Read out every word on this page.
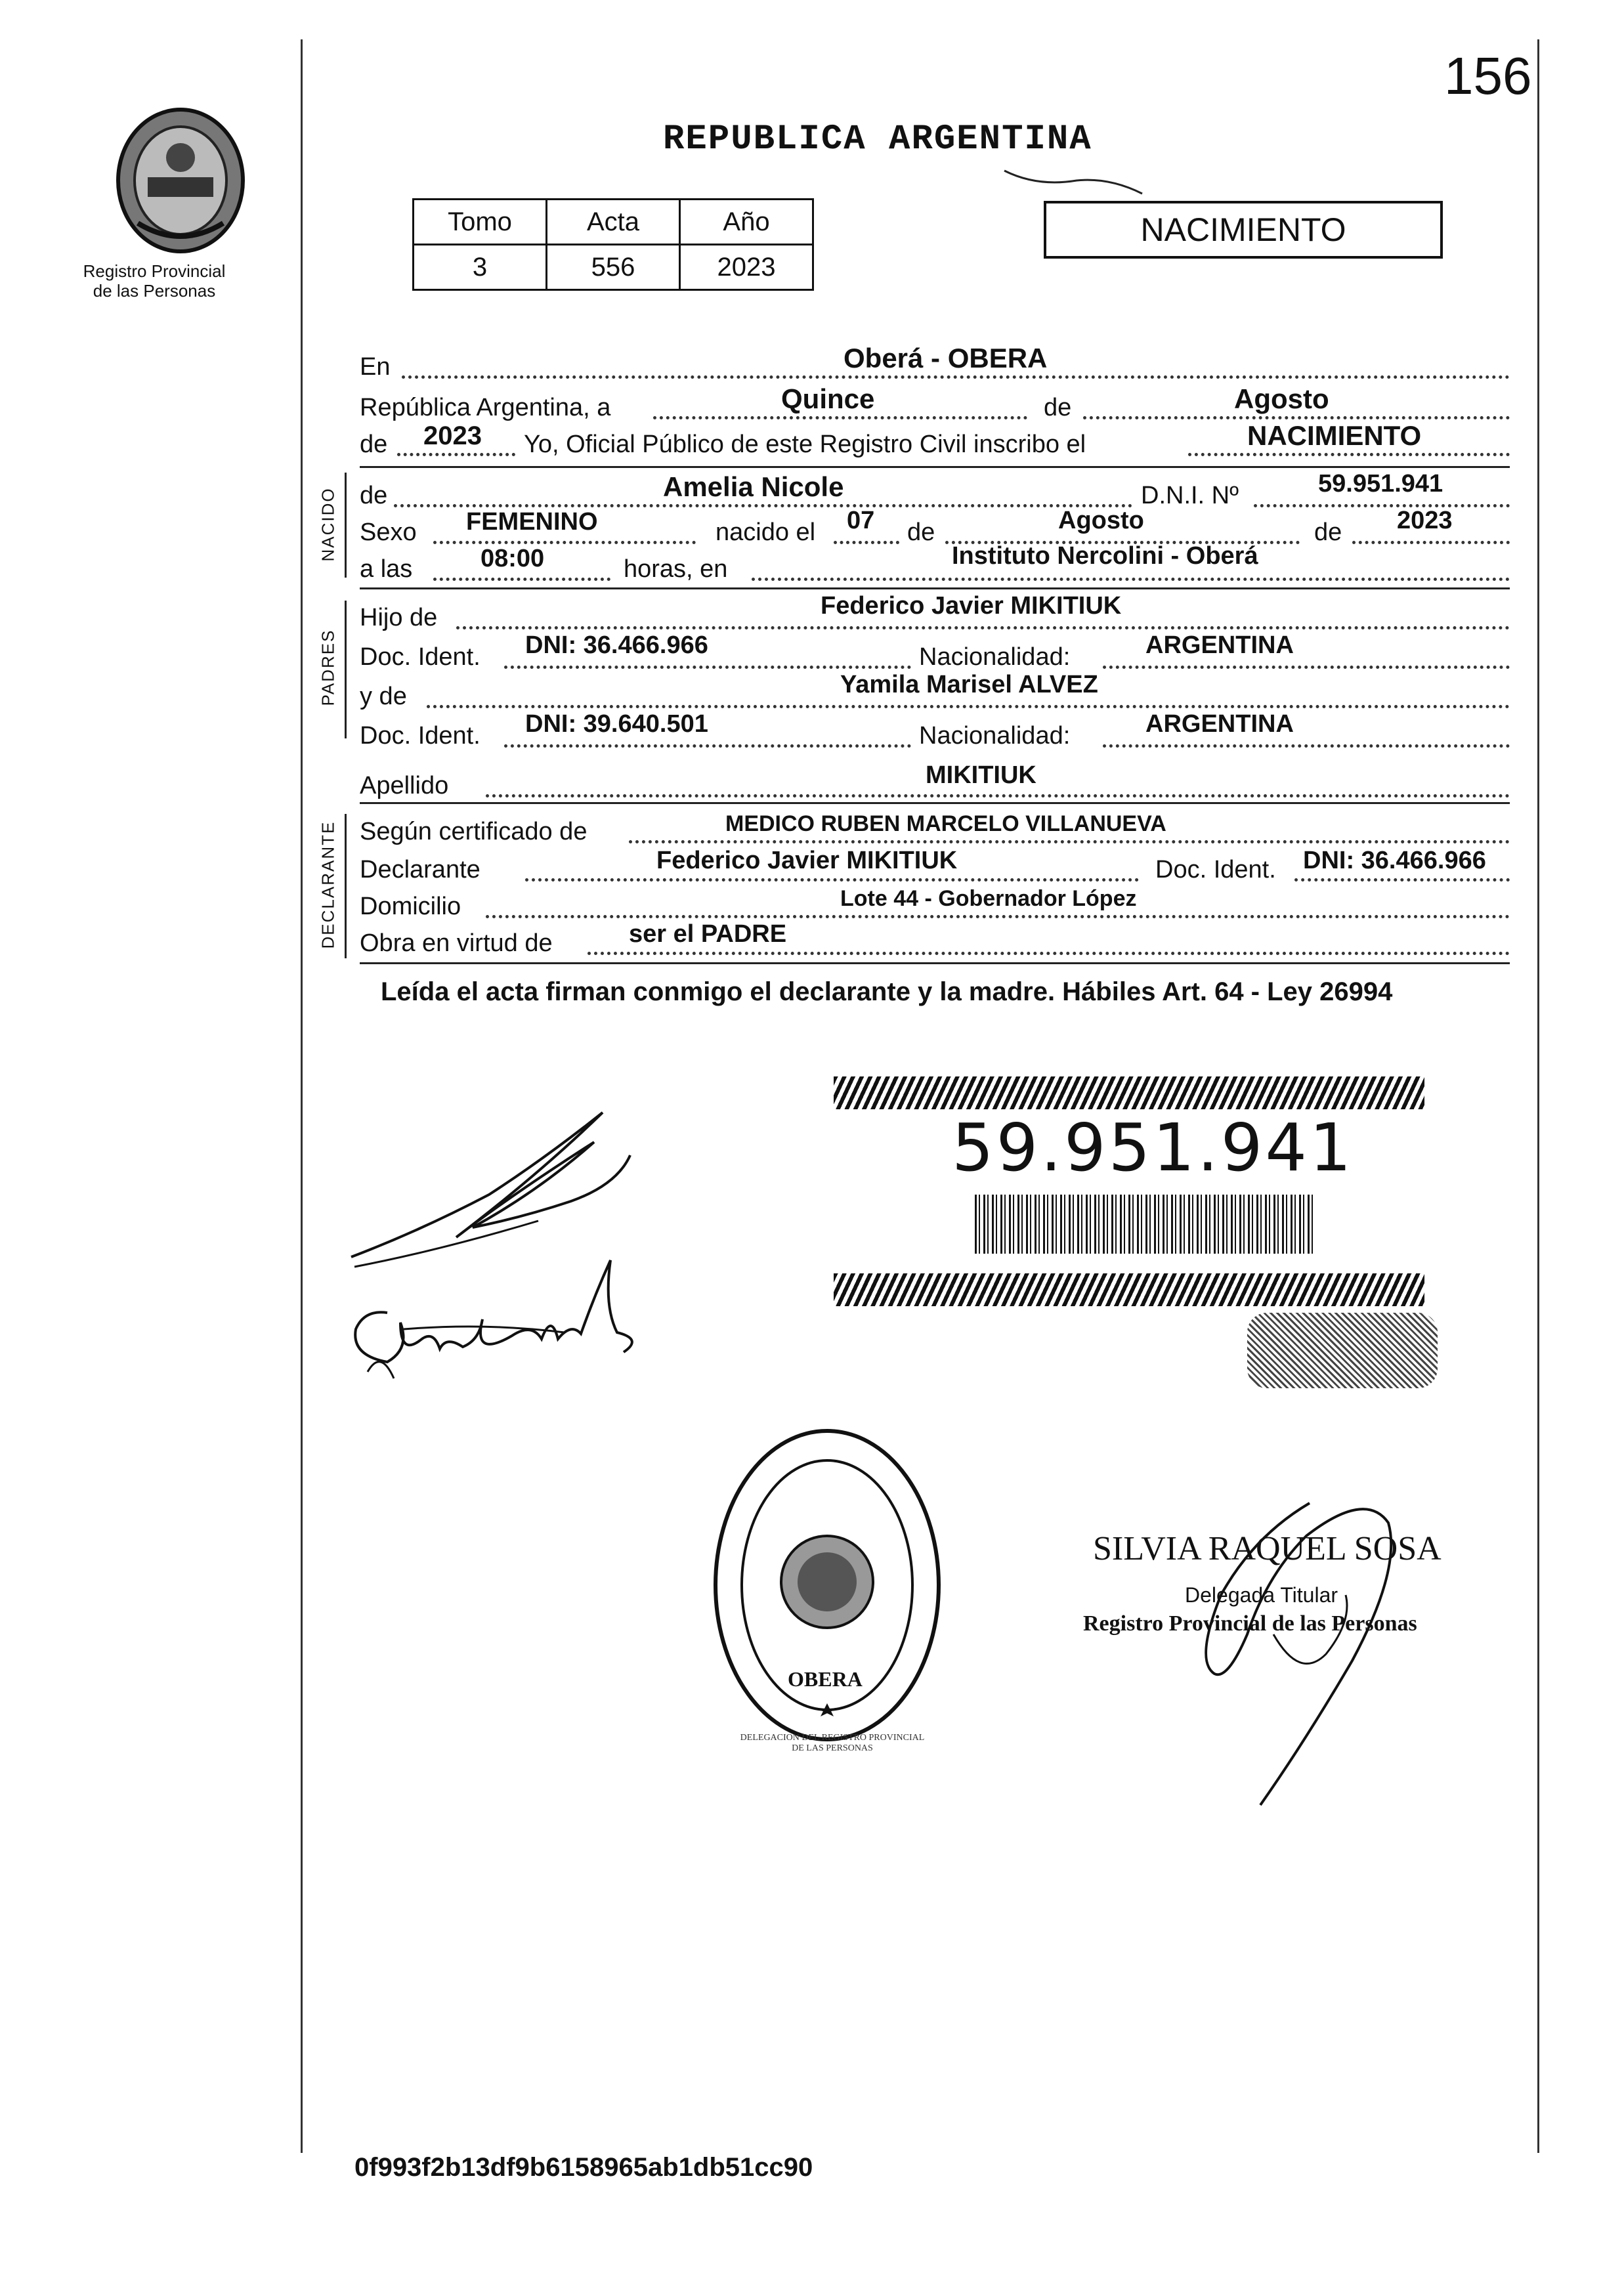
156
Registro Provincial
de las Personas
REPUBLICA ARGENTINA
Tomo	Acta	Año
3	556	2023
NACIMIENTO
En	Oberá - OBERA
República Argentina, a	Quince	de	Agosto
de 2023 Yo, Oficial Público de este Registro Civil inscribo el	NACIMIENTO
NACIDO de	Amelia Nicole	D.N.I. Nº	59.951.941
Sexo FEMENINO	nacido el 07 de	Agosto	de 2023
a las	08:00	horas, en	Instituto Nercolini - Oberá
PADRES
Hijo de	Federico Javier MIKITIUK
Doc. Ident. DNI: 36.466.966	Nacionalidad:	ARGENTINA
y de	Yamila Marisel ALVEZ
Doc. Ident. DNI: 39.640.501	Nacionalidad:	ARGENTINA
Apellido	MIKITIUK
DECLARANTE Según certificado de	MEDICO RUBEN MARCELO VILLANUEVA
Declarante	Federico Javier MIKITIUK	Doc. Ident. DNI: 36.466.966
Domicilio	Lote 44 - Gobernador López
Obra en virtud de	ser el PADRE
Leída el acta firman conmigo el declarante y la madre. Hábiles Art. 64 - Ley 26994
59.951.941
DELEGACION DEL REGISTRO PROVINCIAL DE LAS PERSONAS
OBERA
SILVIA RAQUEL SOSA
Delegada Titular
Registro Provincial de las Personas
0f993f2b13df9b6158965ab1db51cc90
